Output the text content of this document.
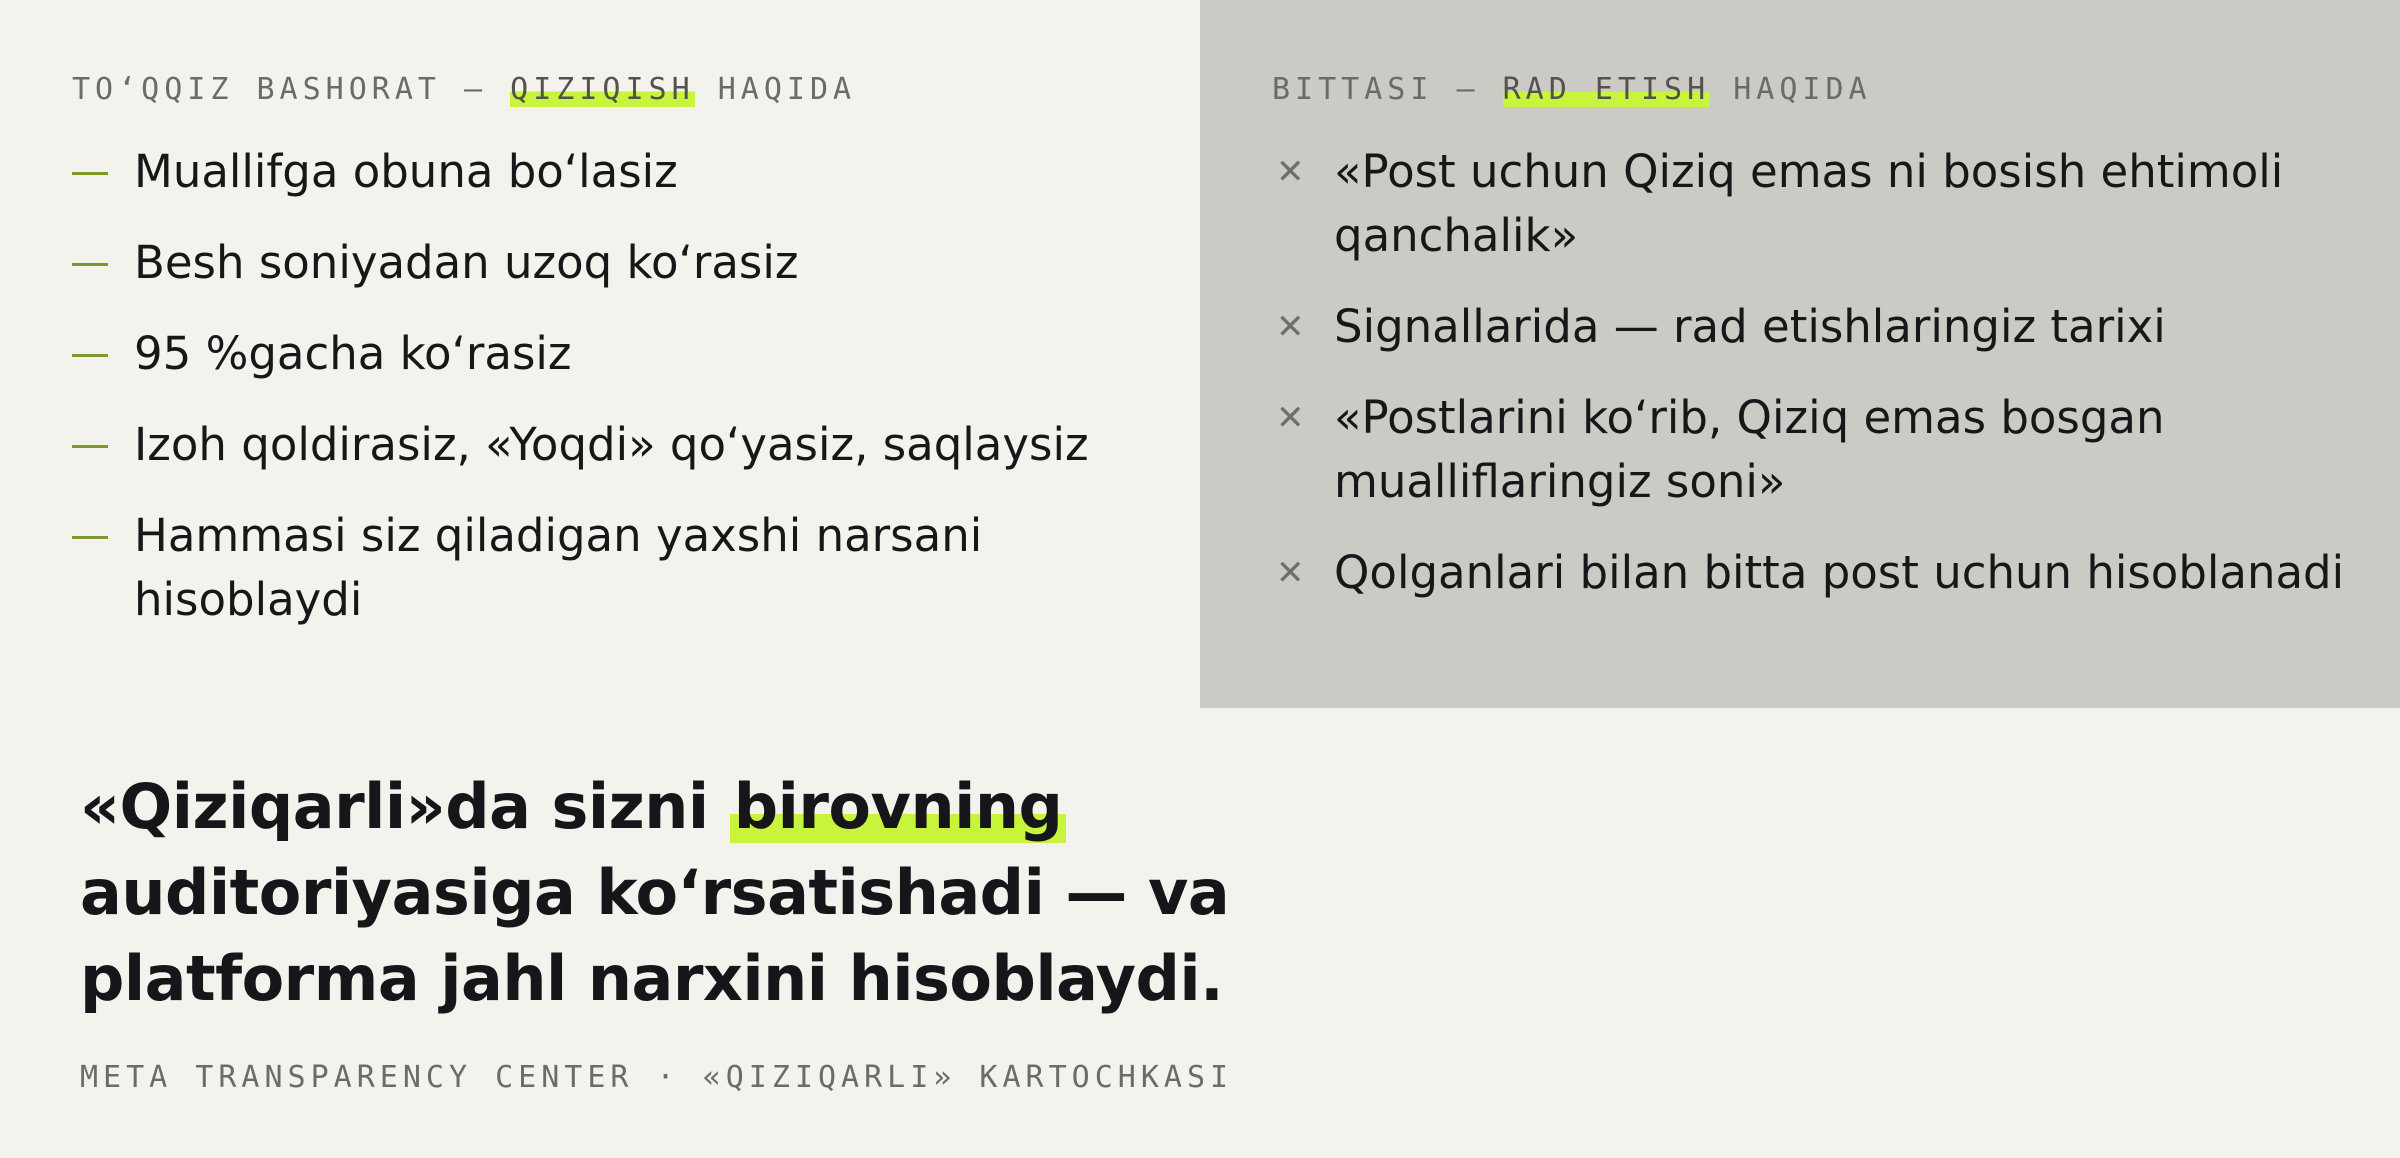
TO‘QQIZ BASHORAT — QIZIQISH HAQIDA
Muallifga obuna bo‘lasiz
Besh soniyadan uzoq ko‘rasiz
95 %gacha ko‘rasiz
Izoh qoldirasiz, «Yoqdi» qo‘yasiz, saqlaysiz
Hammasi siz qiladigan yaxshi narsani hisoblaydi
BITTASI — RAD ETISH HAQIDA
✕ «Post uchun Qiziq emas ni bosish ehtimoli qanchalik»
✕ Signallarida — rad etishlaringiz tarixi
✕ «Postlarini ko‘rib, Qiziq emas bosgan mualliflaringiz soni»
✕ Qolganlari bilan bitta post uchun hisoblanadi
«Qiziqarli»da sizni birovning auditoriyasiga ko‘rsatishadi — va platforma jahl narxini hisoblaydi.
META TRANSPARENCY CENTER · «QIZIQARLI» KARTOCHKASI
